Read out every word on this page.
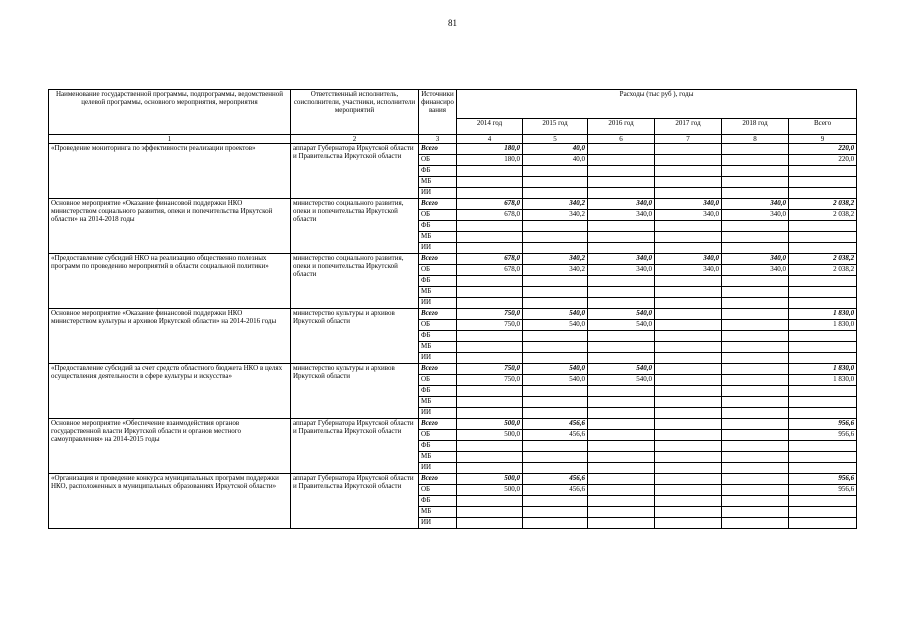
81
Наименование государственной программы, подпрограммы, ведомственной целевой программы, основного мероприятия, мероприятия	Ответственный исполнитель, соисполнители, участники, исполнители мероприятий	Источники финансиро вания	Расходы (тыс руб ), годы					
			2014 год	2015 год	2016 год	2017 год	2018 год	Всего
1	2	3	4	5	6	7	8	9
«Проведение мониторинга по эффективности реализации проектов»	аппарат Губернатора Иркутской области и Правительства Иркутской области	Всего	180,0	40,0				220,0
		ОБ	180,0	40,0				220,0
		ФБ						
		МБ						
		ИИ						
Основное мероприятие «Оказание финансовой поддержки НКО министерством социального развития, опеки и попечительства Иркутской области» на 2014-2018 годы	министерство социального развития, опеки и попечительства Иркутской области	Всего	678,0	340,2	340,0	340,0	340,0	2 038,2
		ОБ	678,0	340,2	340,0	340,0	340,0	2 038,2
		ФБ						
		МБ						
		ИИ						
«Предоставление субсидий НКО на реализацию общественно полезных программ по проведению мероприятий в области социальной политики»	министерство социального развития, опеки и попечительства Иркутской области	Всего	678,0	340,2	340,0	340,0	340,0	2 038,2
		ОБ	678,0	340,2	340,0	340,0	340,0	2 038,2
		ФБ						
		МБ						
		ИИ						
Основное мероприятие «Оказание финансовой поддержки НКО министерством культуры и архивов Иркутской области» на 2014-2016 годы	министерство культуры и архивов Иркутской области	Всего	750,0	540,0	540,0			1 830,0
		ОБ	750,0	540,0	540,0			1 830,0
		ФБ						
		МБ						
		ИИ						
«Предоставление субсидий за счет средств областного бюджета НКО в целях осуществления деятельности в сфере культуры и искусства»	министерство культуры и архивов Иркутской области	Всего	750,0	540,0	540,0			1 830,0
		ОБ	750,0	540,0	540,0			1 830,0
		ФБ						
		МБ						
		ИИ						
Основное мероприятие «Обеспечение взаимодействия органов государственной власти Иркутской области и органов местного самоуправления» на 2014-2015 годы	аппарат Губернатора Иркутской области и Правительства Иркутской области	Всего	500,0	456,6				956,6
		ОБ	500,0	456,6				956,6
		ФБ						
		МБ						
		ИИ						
«Организация и проведение конкурса муниципальных программ поддержки НКО, расположенных в муниципальных образованиях Иркутской области»	аппарат Губернатора Иркутской области и Правительства Иркутской области	Всего	500,0	456,6				956,6
		ОБ	500,0	456,6				956,6
		ФБ						
		МБ						
		ИИ						
